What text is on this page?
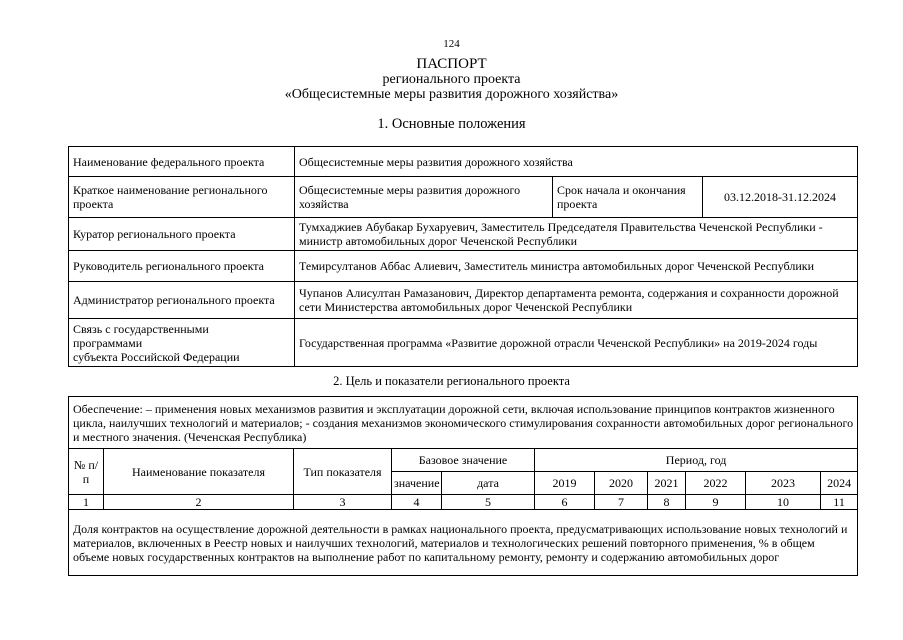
124
ПАСПОРТ
регионального проекта
«Общесистемные меры развития дорожного хозяйства»
1. Основные положения
Наименование федерального проекта	Общесистемные меры развития дорожного хозяйства		
Краткое наименование регионального проекта	Общесистемные меры развития дорожного хозяйства	Срок начала и окончания проекта	03.12.2018-31.12.2024
Куратор регионального проекта	Тумхаджиев Абубакар Бухаруевич, Заместитель Председателя Правительства Чеченской Республики - министр автомобильных дорог Чеченской Республики		
Руководитель регионального проекта	Темирсултанов Аббас Алиевич, Заместитель министра автомобильных дорог Чеченской Республики		
Администратор регионального проекта	Чупанов Алисултан Рамазанович, Директор департамента ремонта, содержания и сохранности дорожной сети Министерства автомобильных дорог Чеченской Республики		

Связь с государственными
программами
субъекта Российской Федерации	Государственная программа «Развитие дорожной отрасли Чеченской Республики» на 2019-2024 годы		
2. Цель и показатели регионального проекта
Обеспечение: – применения новых механизмов развития и эксплуатации дорожной сети, включая использование принципов контрактов жизненного цикла, наилучших технологий и материалов; - создания механизмов экономического стимулирования сохранности автомобильных дорог регионального и местного значения. (Чеченская Республика)										
№ п/п	Наименование показателя	Тип показателя	Базовое значение		Период, год					
			значение	дата	2019	2020	2021	2022	2023	2024
1	2	3	4	5	6	7	8	9	10	11
Доля контрактов на осуществление дорожной деятельности в рамках национального проекта, предусматривающих использование новых технологий и материалов, включенных в Реестр новых и наилучших технологий, материалов и технологических решений повторного применения, % в общем объеме новых государственных контрактов на выполнение работ по капитальному ремонту, ремонту и содержанию автомобильных дорог										
